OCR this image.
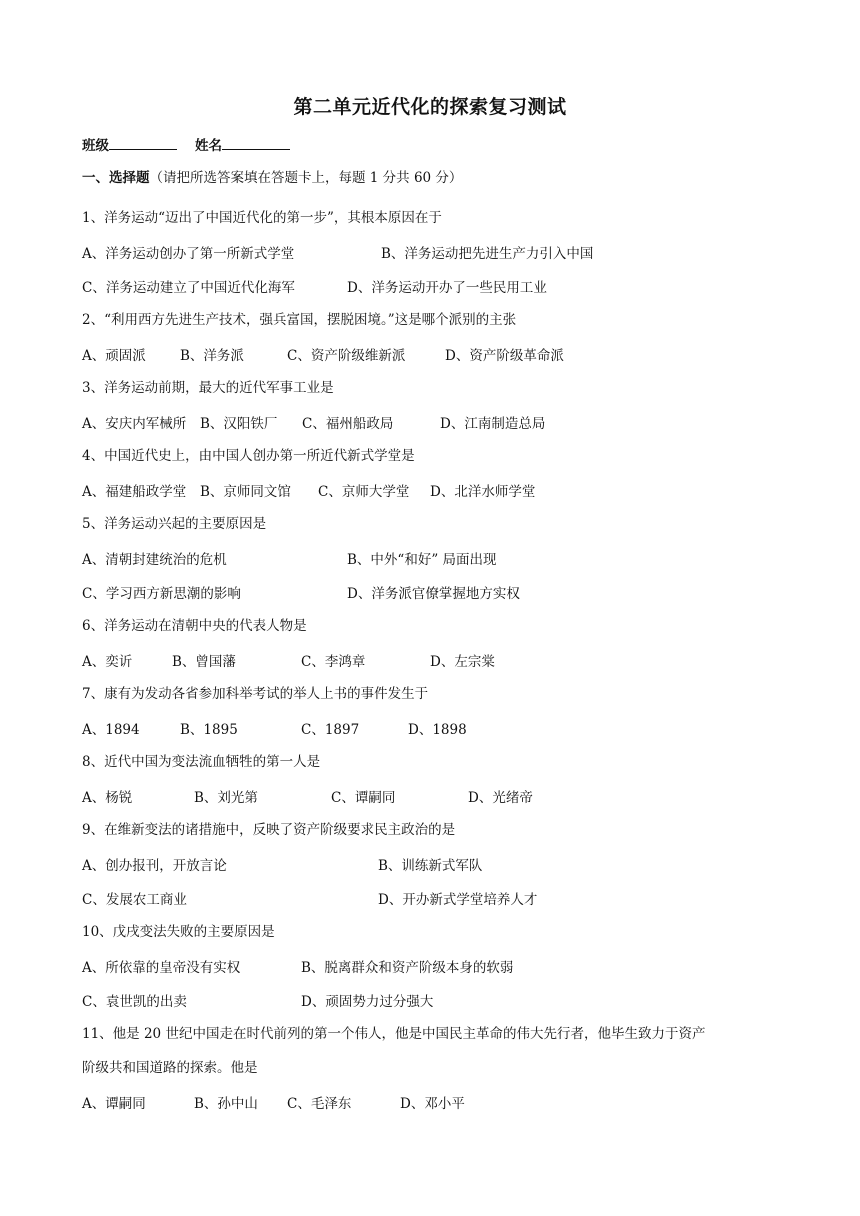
第二单元近代化的探索复习测试
班级	姓名
一、选择题（请把所选答案填在答题卡上，每题 1 分共 60 分）
1、洋务运动“迈出了中国近代化的第一步”，其根本原因在于
A、洋务运动创办了第一所新式学堂	B、洋务运动把先进生产力引入中国
C、洋务运动建立了中国近代化海军	D、洋务运动开办了一些民用工业
2、“利用西方先进生产技术，强兵富国，摆脱困境。”这是哪个派别的主张
A、顽固派	B、洋务派	C、资产阶级维新派	D、资产阶级革命派
3、洋务运动前期，最大的近代军事工业是
A、安庆内军械所 B、汉阳铁厂 C、福州船政局	D、江南制造总局
4、中国近代史上，由中国人创办第一所近代新式学堂是
A、福建船政学堂 B、京师同文馆 C、京师大学堂 D、北洋水师学堂
5、洋务运动兴起的主要原因是
A、清朝封建统治的危机	B、中外“和好” 局面出现
C、学习西方新思潮的影响	D、洋务派官僚掌握地方实权
6、洋务运动在清朝中央的代表人物是
A、奕䜣	B、曾国藩	C、李鸿章	D、左宗棠
7、康有为发动各省参加科举考试的举人上书的事件发生于
A、1894	B、1895	C、1897	D、1898
8、近代中国为变法流血牺牲的第一人是
A、杨锐	B、刘光第	C、谭嗣同	D、光绪帝
9、在维新变法的诸措施中，反映了资产阶级要求民主政治的是
A、创办报刊，开放言论	B、训练新式军队
C、发展农工商业	D、开办新式学堂培养人才
10、戊戌变法失败的主要原因是
A、所依靠的皇帝没有实权	B、脱离群众和资产阶级本身的软弱
C、袁世凯的出卖	D、顽固势力过分强大
11、他是 20 世纪中国走在时代前列的第一个伟人，他是中国民主革命的伟大先行者，他毕生致力于资产
阶级共和国道路的探索。他是
A、谭嗣同	B、孙中山 C、毛泽东	D、邓小平
